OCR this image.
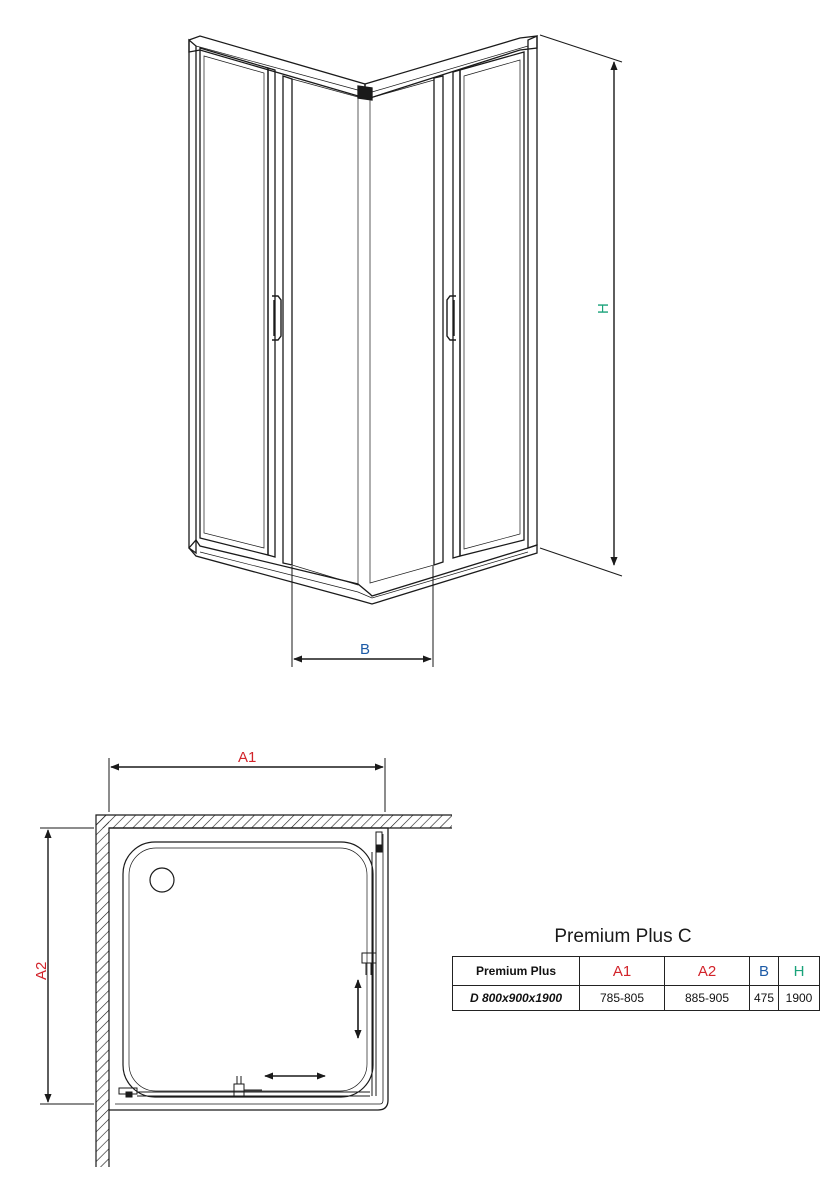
H
B
A1
A2
Premium Plus C
Premium Plus	A1	A2	B	H
D 800x900x1900	785-805	885-905	475	1900
